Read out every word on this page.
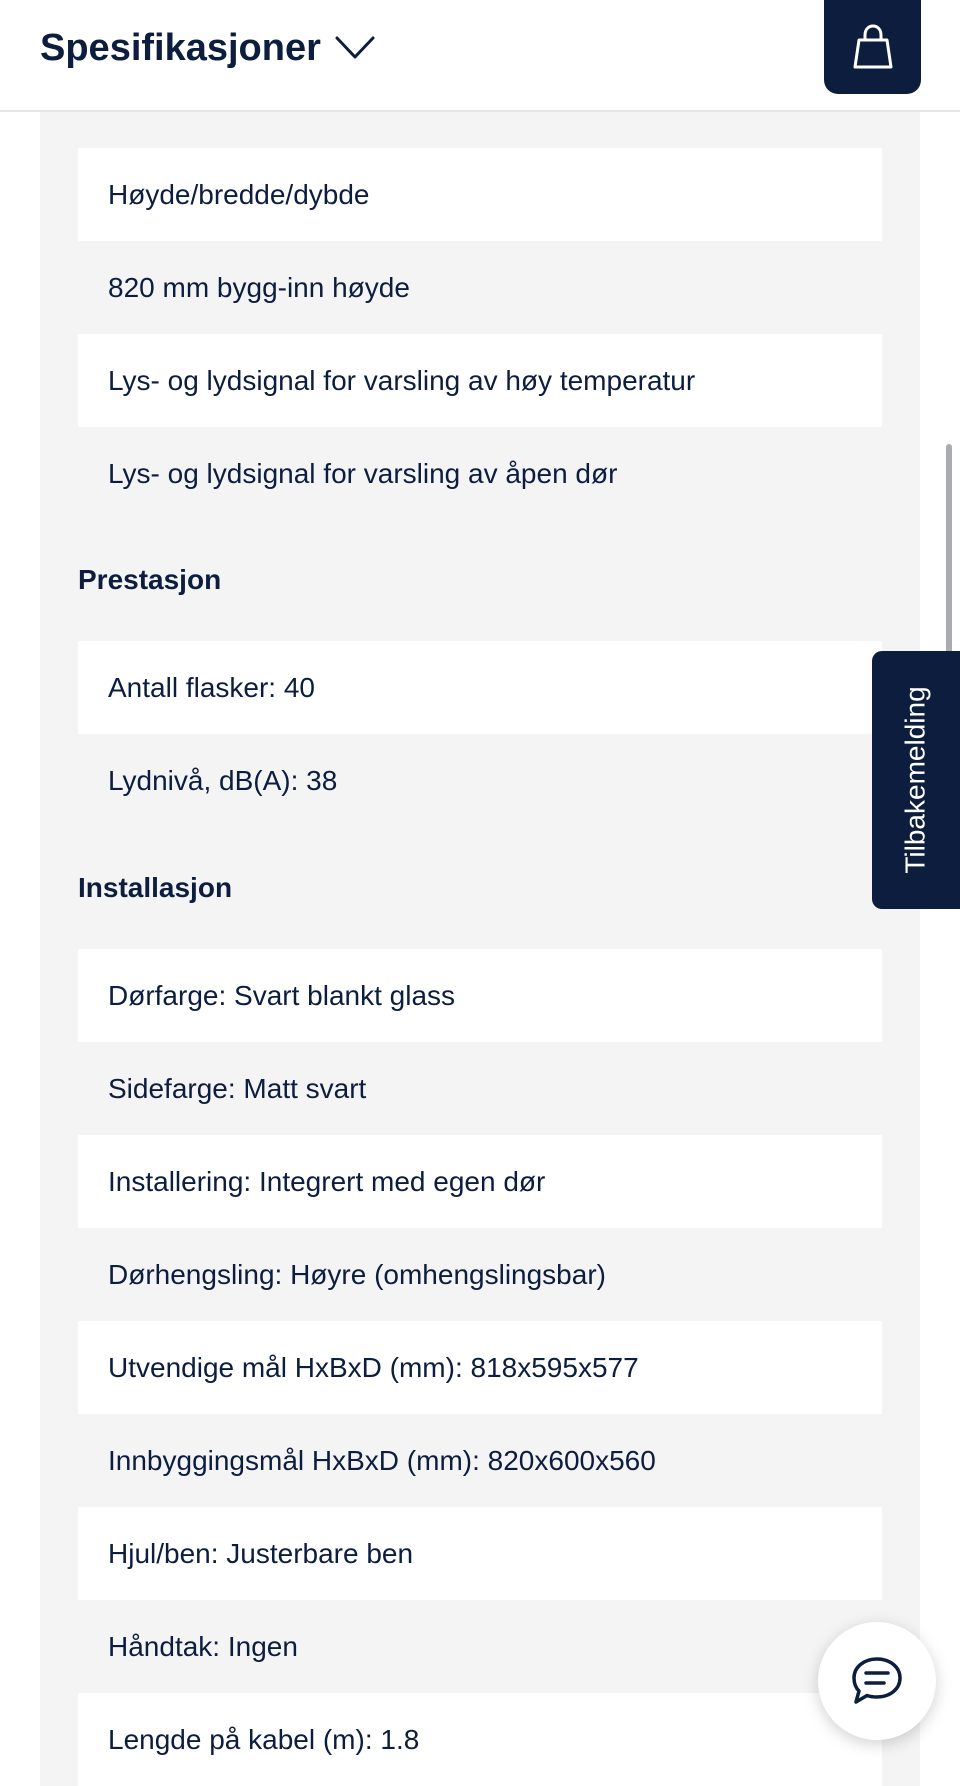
Spesifikasjoner
Høyde/bredde/dybde
820 mm bygg-inn høyde
Lys- og lydsignal for varsling av høy temperatur
Lys- og lydsignal for varsling av åpen dør
Prestasjon
Antall flasker: 40
Lydnivå, dB(A): 38
Installasjon
Dørfarge: Svart blankt glass
Sidefarge: Matt svart
Installering: Integrert med egen dør
Dørhengsling: Høyre (omhengslingsbar)
Utvendige mål HxBxD (mm): 818x595x577
Innbyggingsmål HxBxD (mm): 820x600x560
Hjul/ben: Justerbare ben
Håndtak: Ingen
Lengde på kabel (m): 1.8
Tilbakemelding
